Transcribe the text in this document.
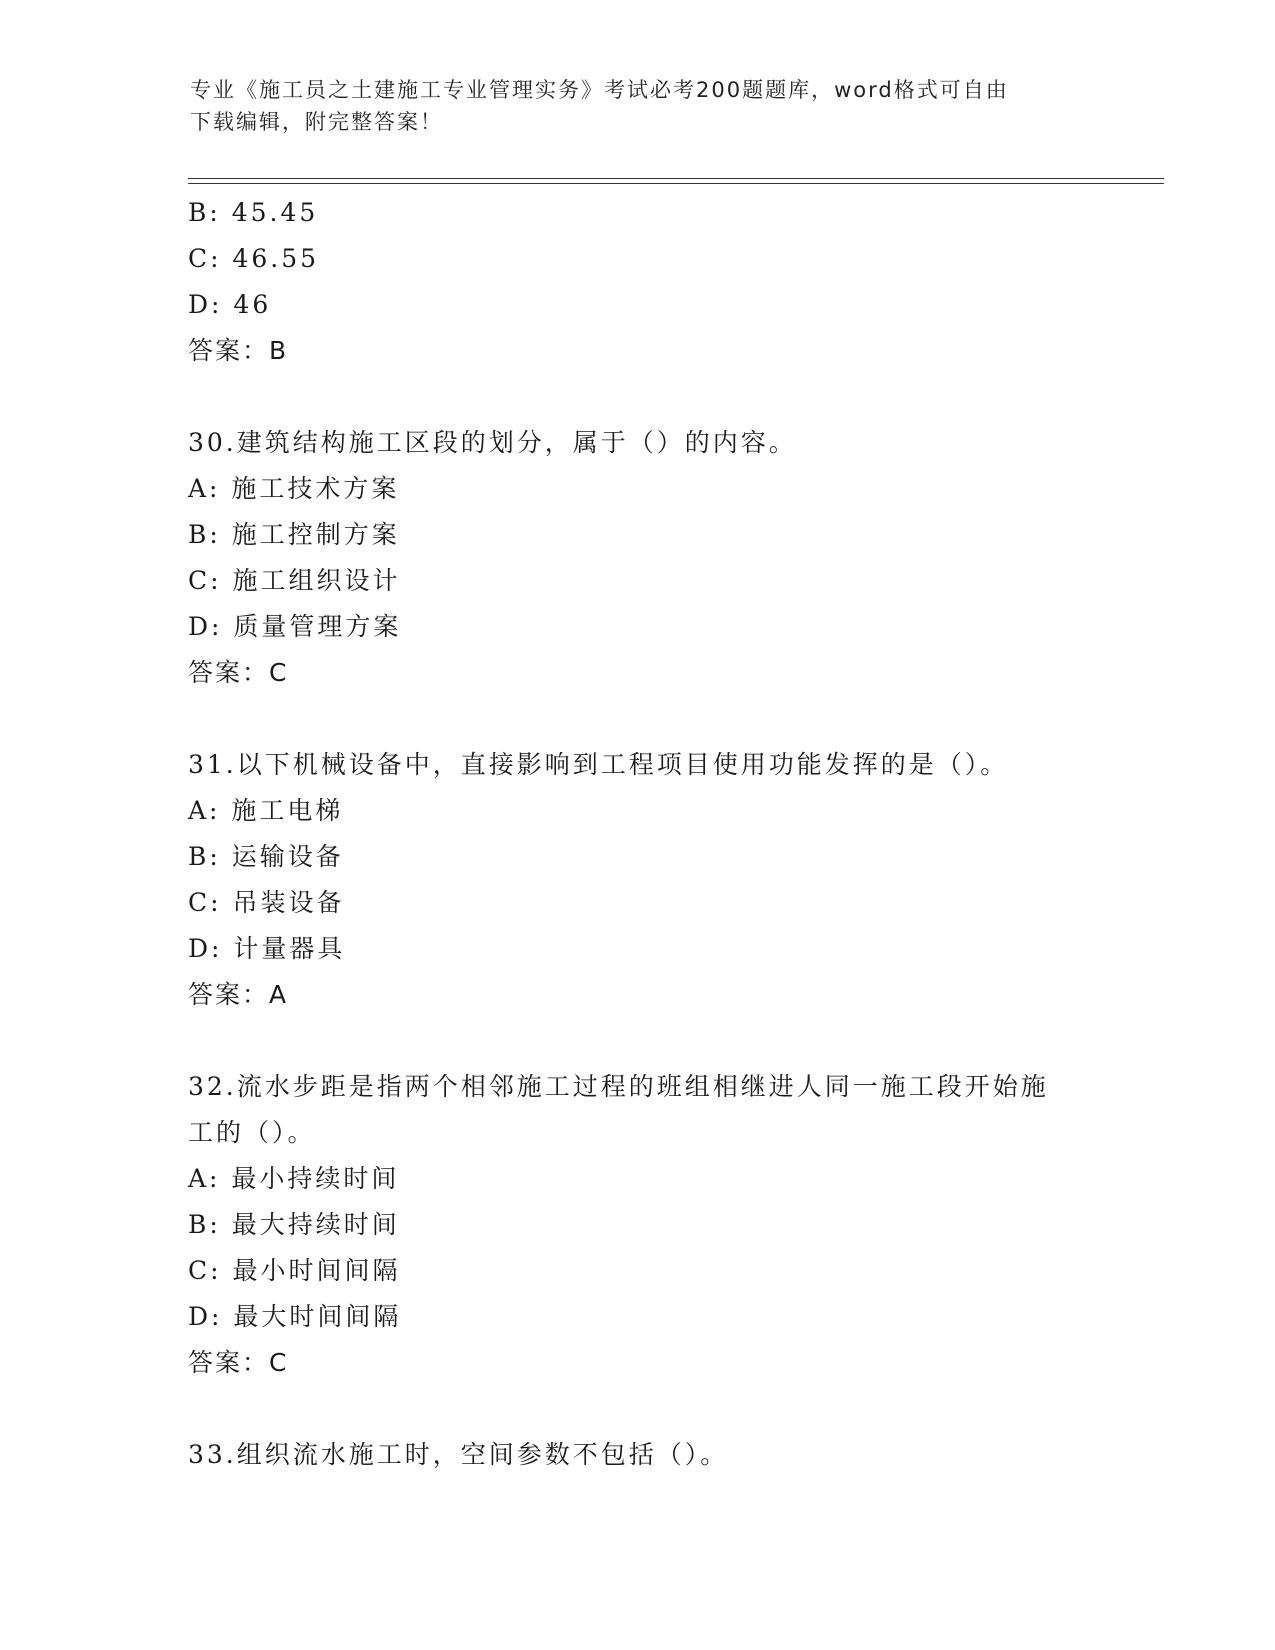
专业《施工员之土建施工专业管理实务》考试必考200题题库，word格式可自由
下载编辑，附完整答案！
B: 45.45
C: 46.55
D: 46
答案：B
30.建筑结构施工区段的划分，属于（）的内容。
A: 施工技术方案
B: 施工控制方案
C: 施工组织设计
D: 质量管理方案
答案：C
31.以下机械设备中，直接影响到工程项目使用功能发挥的是（）。
A: 施工电梯
B: 运输设备
C: 吊装设备
D: 计量器具
答案：A
32.流水步距是指两个相邻施工过程的班组相继进人同一施工段开始施
工的（）。
A: 最小持续时间
B: 最大持续时间
C: 最小时间间隔
D: 最大时间间隔
答案：C
33.组织流水施工时，空间参数不包括（）。
